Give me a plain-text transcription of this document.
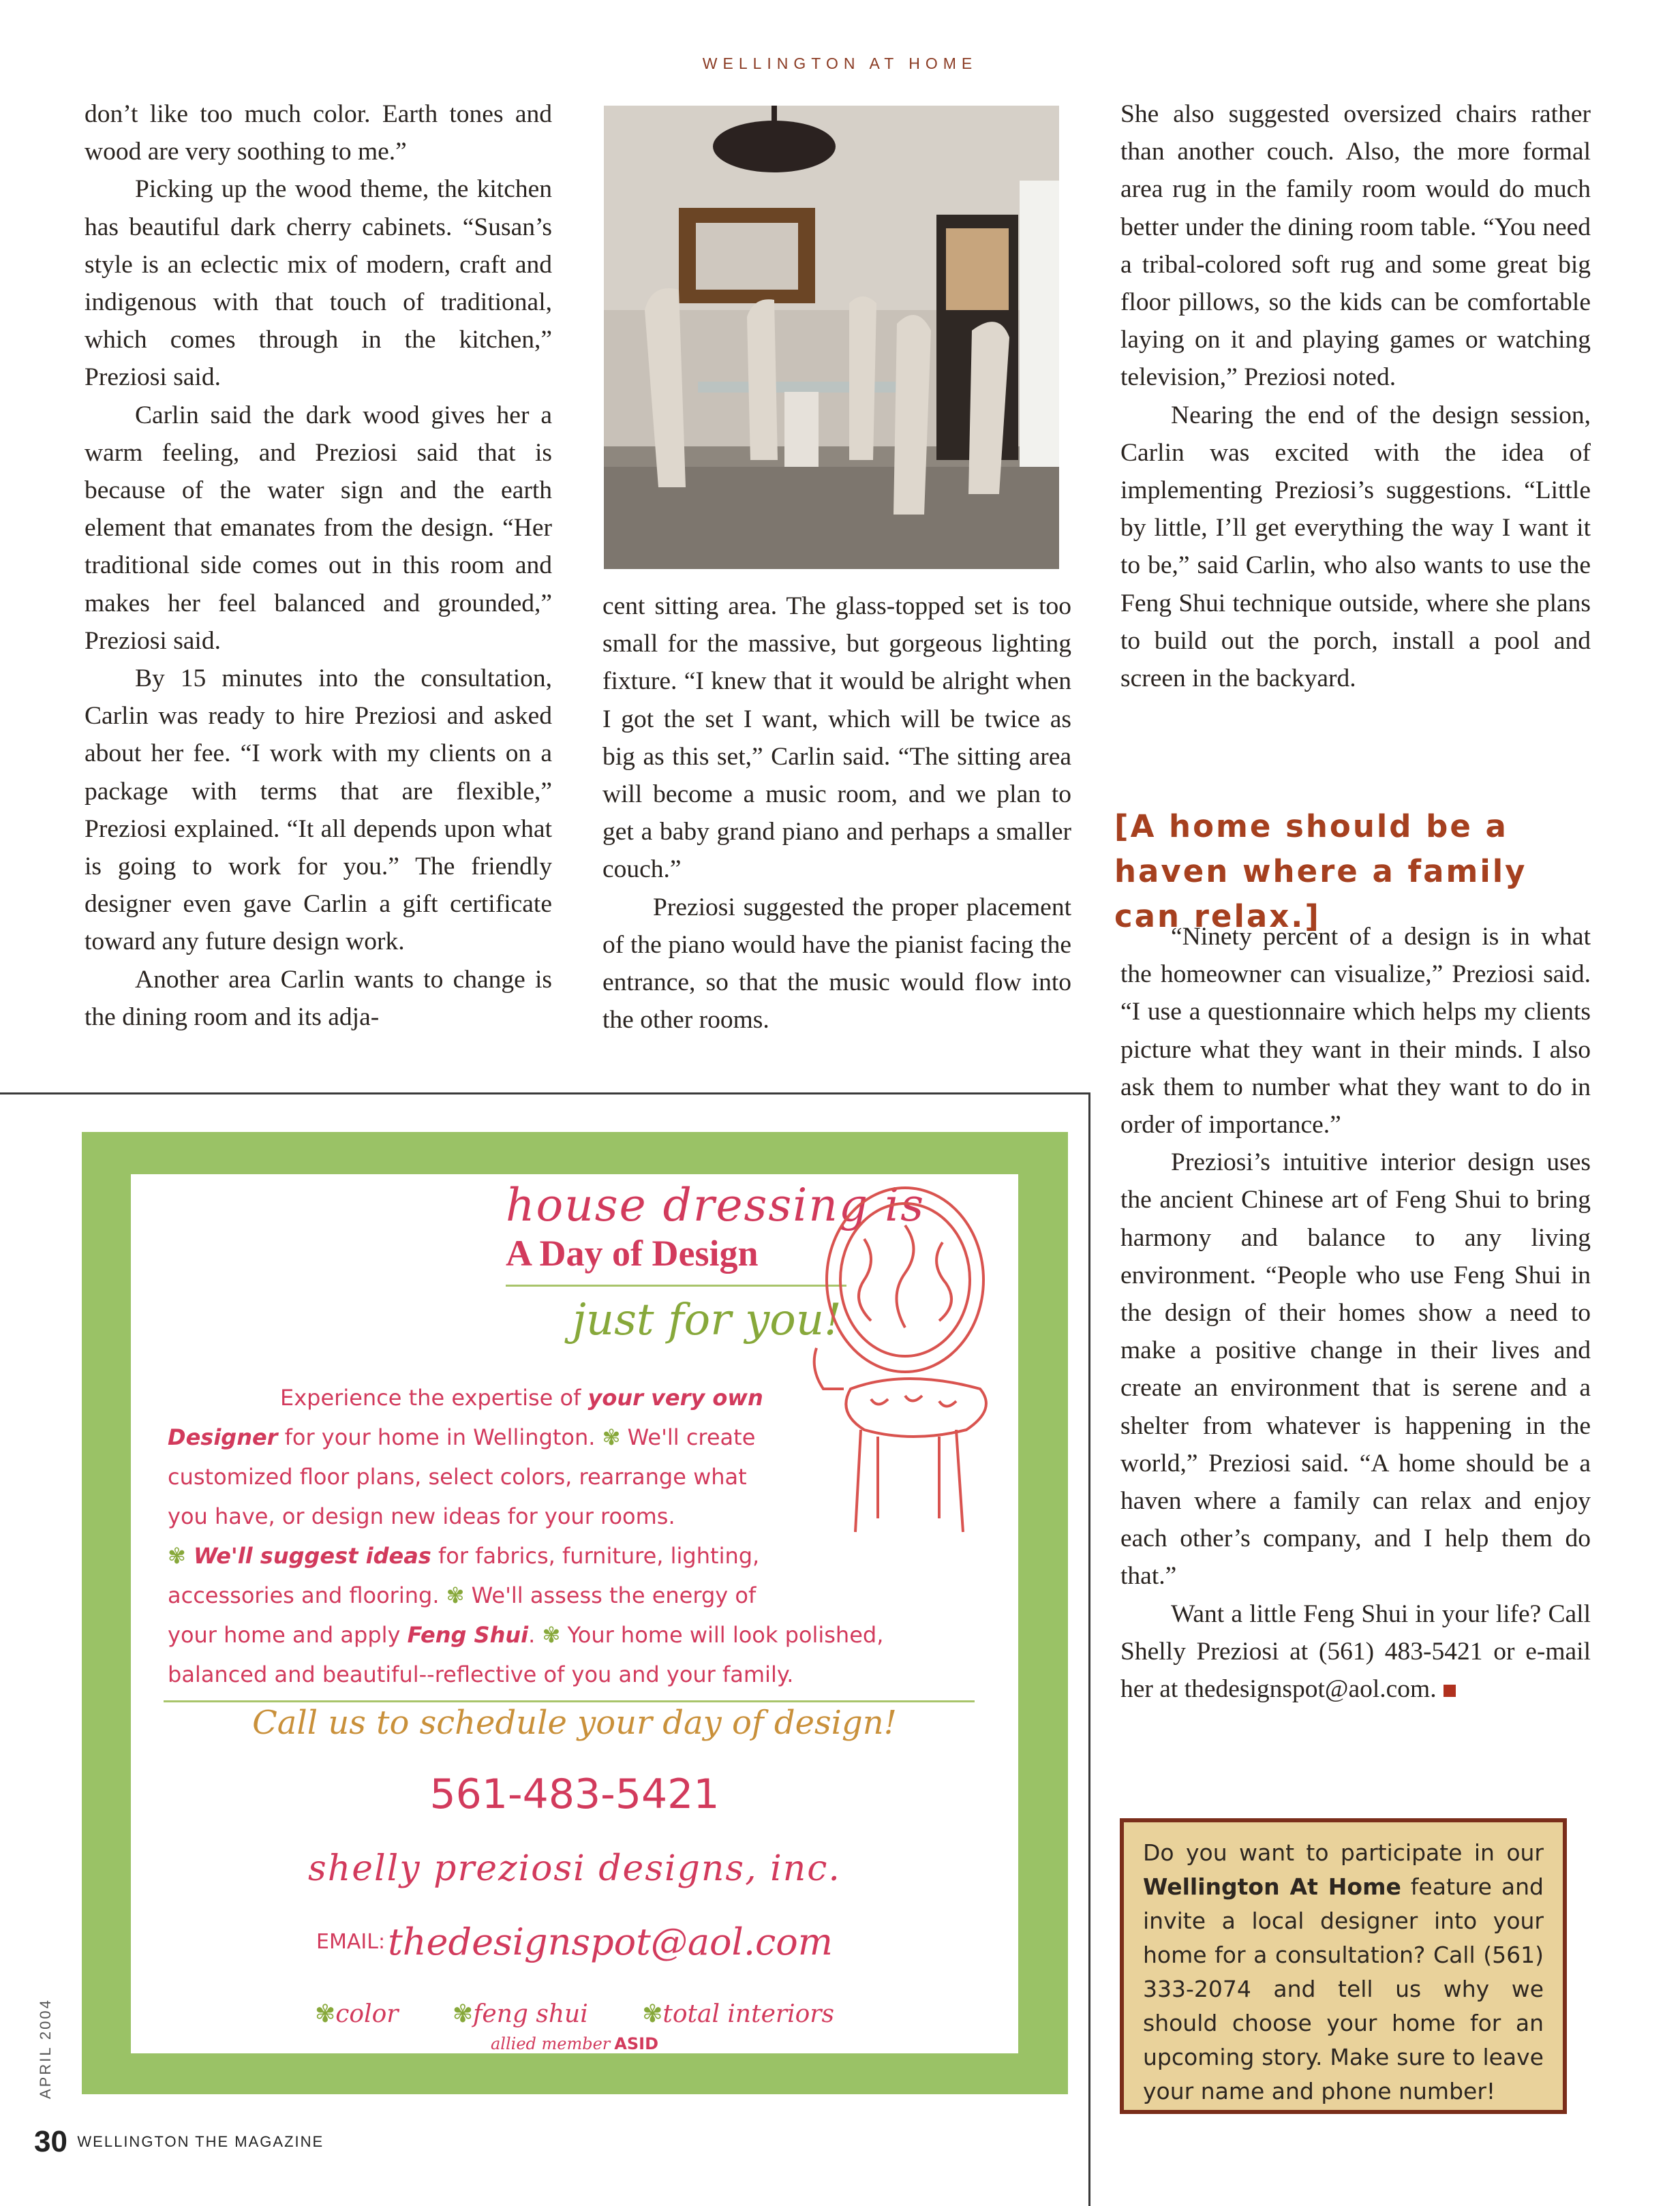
WELLINGTON AT HOME

don’t like too much color. Earth tones and wood are very soothing to me.”

Picking up the wood theme, the kitchen has beautiful dark cherry cabinets. “Susan’s style is an eclectic mix of modern, craft and indigenous with that touch of traditional, which comes through in the kitchen,” Preziosi said.

Carlin said the dark wood gives her a warm feeling, and Preziosi said that is because of the water sign and the earth element that emanates from the design. “Her traditional side comes out in this room and makes her feel balanced and grounded,” Preziosi said.

By 15 minutes into the consultation, Carlin was ready to hire Preziosi and asked about her fee. “I work with my clients on a package with terms that are flexible,” Preziosi explained. “It all depends upon what is going to work for you.” The friendly designer even gave Carlin a gift certificate toward any future design work.

Another area Carlin wants to change is the dining room and its adja-

cent sitting area. The glass-topped set is too small for the massive, but gorgeous lighting fixture. “I knew that it would be alright when I got the set I want, which will be twice as big as this set,” Carlin said. “The sitting area will become a music room, and we plan to get a baby grand piano and perhaps a smaller couch.”

Preziosi suggested the proper placement of the piano would have the pianist facing the entrance, so that the music would flow into the other rooms.

She also suggested oversized chairs rather than another couch. Also, the more formal area rug in the family room would do much better under the dining room table. “You need a tribal-colored soft rug and some great big floor pillows, so the kids can be comfortable laying on it and playing games or watching television,” Preziosi noted.

Nearing the end of the design session, Carlin was excited with the idea of implementing Preziosi’s suggestions. “Little by little, I’ll get everything the way I want it to be,” said Carlin, who also wants to use the Feng Shui technique outside, where she plans to build out the porch, install a pool and screen in the backyard.

[A home should be a haven where a family can relax.]

“Ninety percent of a design is in what the homeowner can visualize,” Preziosi said. “I use a questionnaire which helps my clients picture what they want in their minds. I also ask them to number what they want to do in order of importance.”

Preziosi’s intuitive interior design uses the ancient Chinese art of Feng Shui to bring harmony and balance to any living environment. “People who use Feng Shui in the design of their homes show a need to make a positive change in their lives and create an environment that is serene and a shelter from whatever is happening in the world,” Preziosi said. “A home should be a haven where a family can relax and enjoy each other’s company, and I help them do that.”

Want a little Feng Shui in your life? Call Shelly Preziosi at (561) 483-5421 or e-mail her at thedesignspot@aol.com.

house dressing is
A Day of Design
just for you!
Experience the expertise of your very own
Designer for your home in Wellington. ✾ We'll create
customized floor plans, select colors, rearrange what
you have, or design new ideas for your rooms.
✾ We'll suggest ideas for fabrics, furniture, lighting,
accessories and flooring. ✾ We'll assess the energy of
your home and apply Feng Shui. ✾ Your home will look polished,
balanced and beautiful--reflective of you and your family.
Call us to schedule your day of design!
561-483-5421
shelly preziosi designs, inc.
EMAIL: thedesignspot@aol.com
✾color ✾feng shui ✾total interiors
allied member ASID
APRIL 2004
30 WELLINGTON THE MAGAZINE
Do you want to participate in our Wellington At Home feature and invite a local designer into your home for a consultation? Call (561) 333-2074 and tell us why we should choose your home for an upcoming story. Make sure to leave your name and phone number!
